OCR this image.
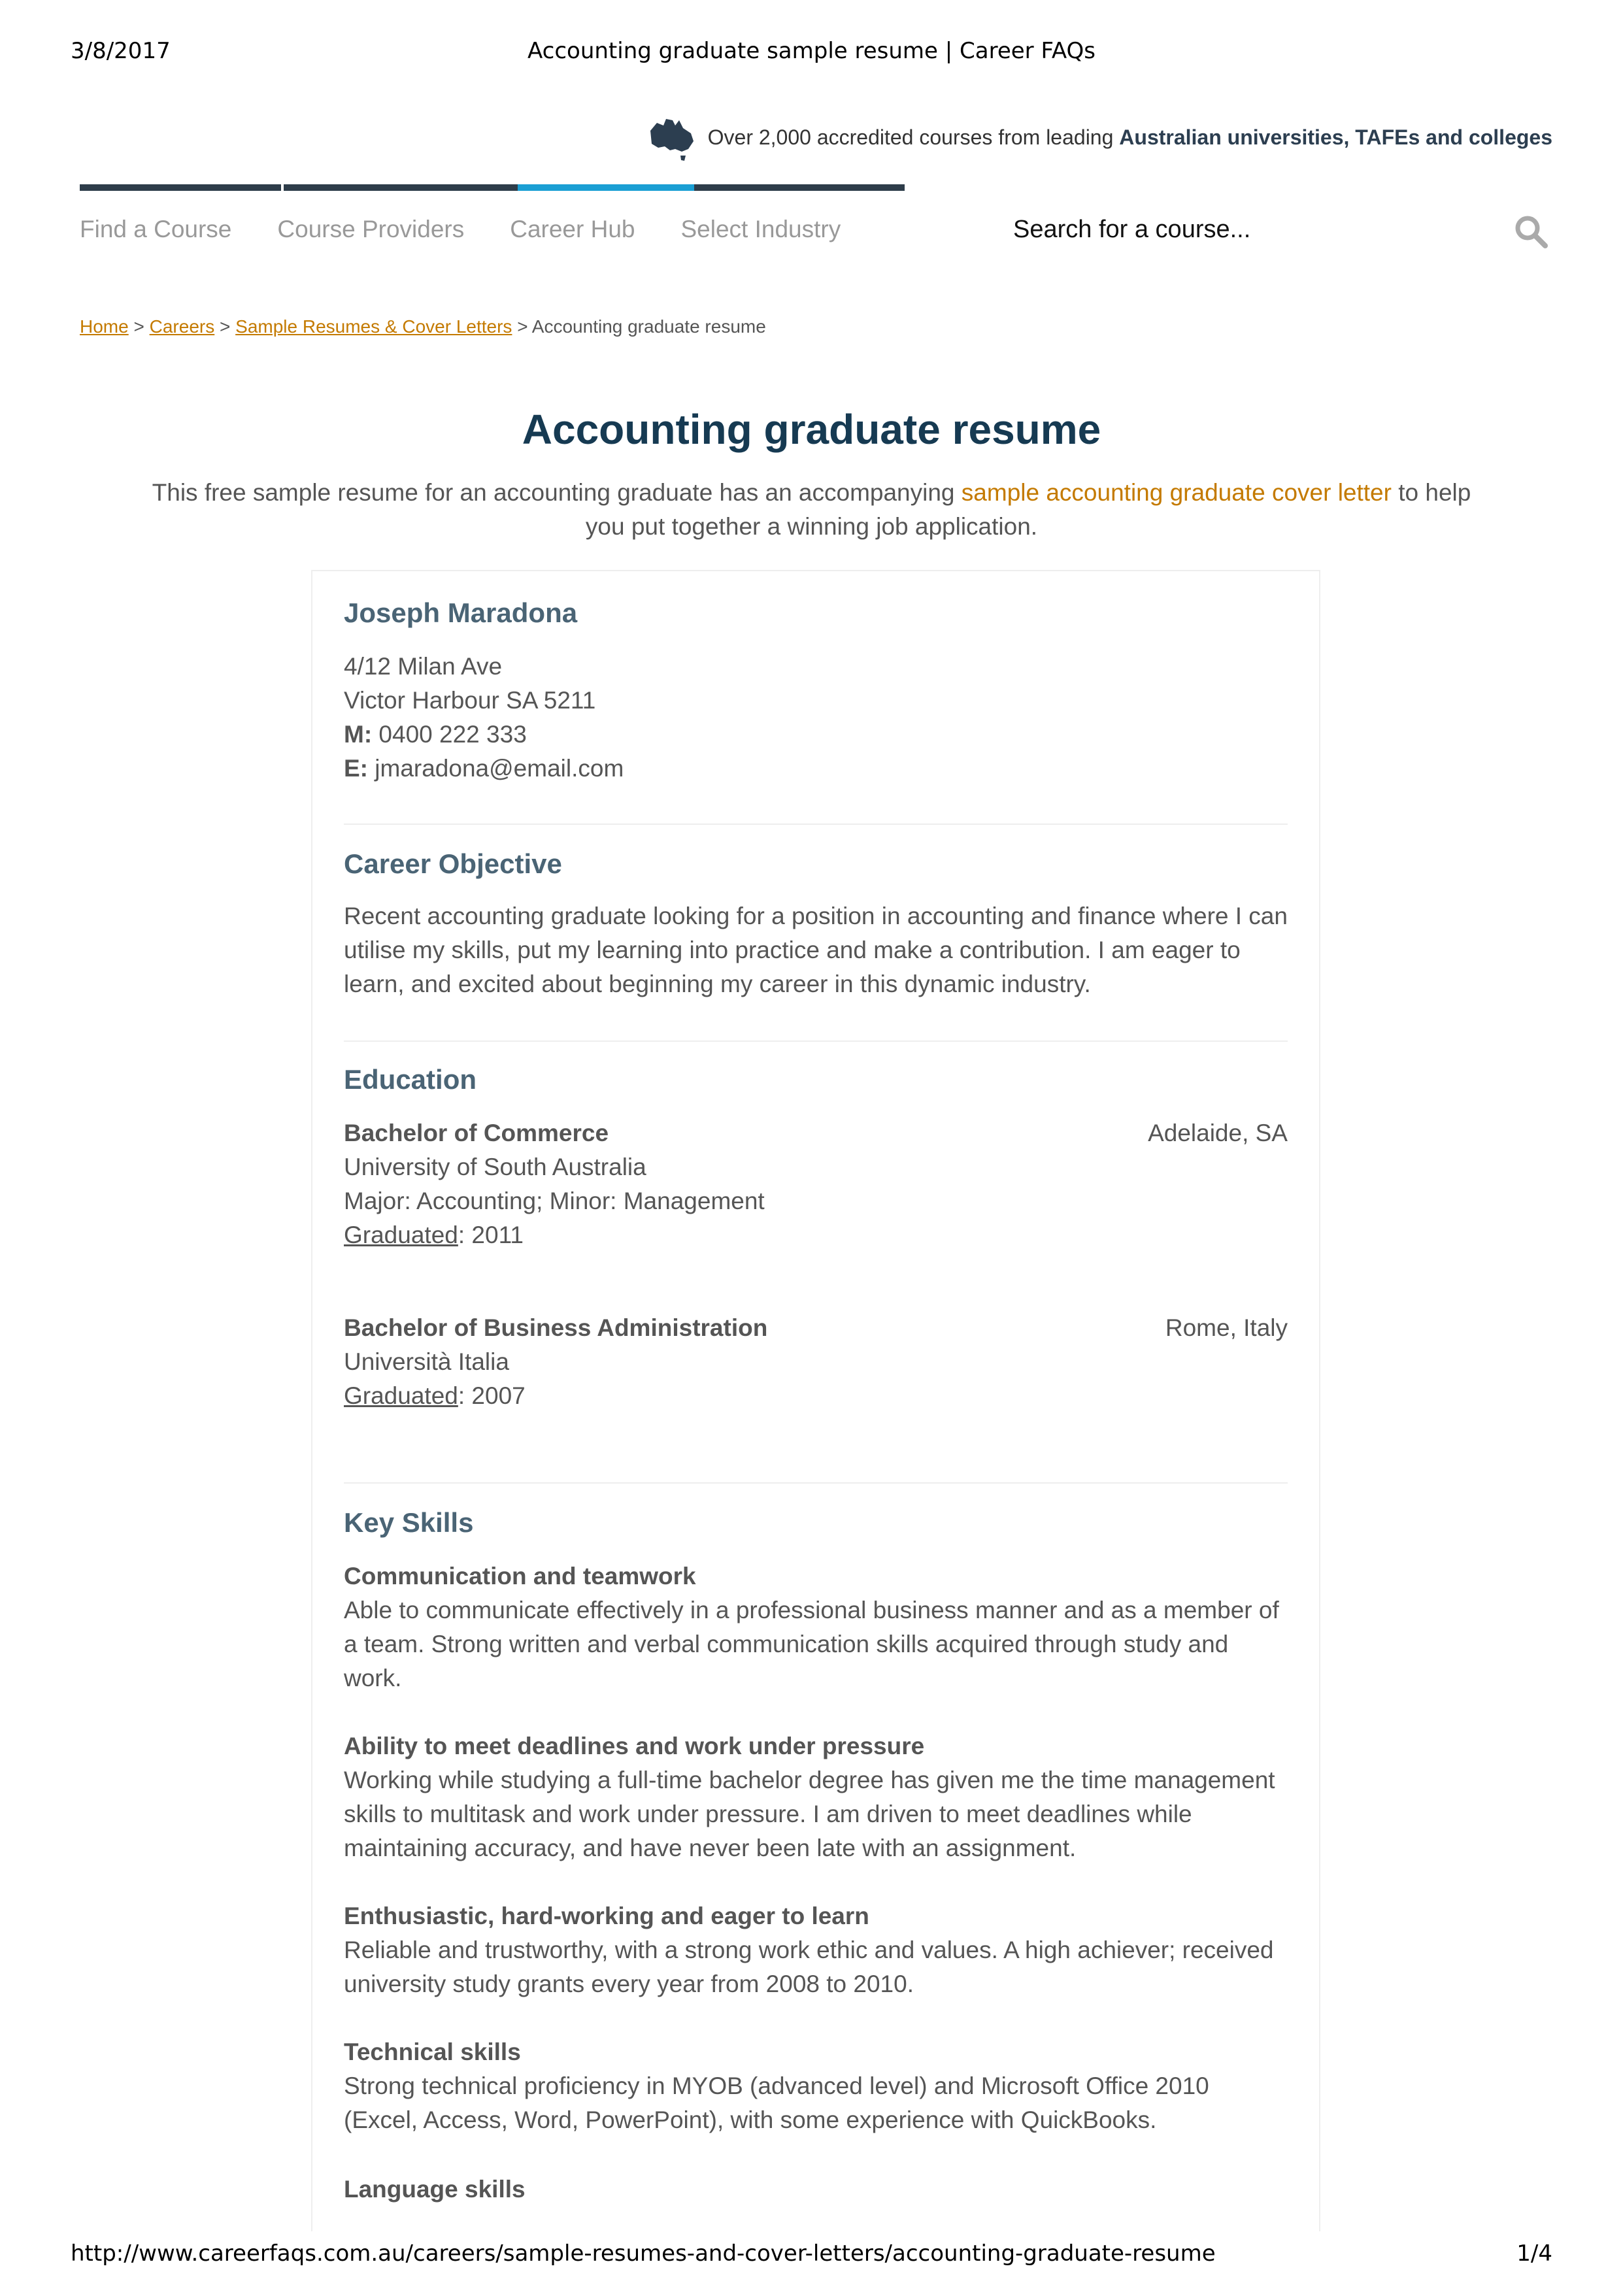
3/8/2017	Accounting graduate sample resume | Career FAQs
Over 2,000 accredited courses from leading Australian universities, TAFEs and colleges
Find a Course Course Providers Career Hub Select Industry	Search for a course...
Home > Careers > Sample Resumes & Cover Letters > Accounting graduate resume
Accounting graduate resume
This free sample resume for an accounting graduate has an accompanying sample accounting graduate cover letter to help you put together a winning job application.
Joseph Maradona
4/12 Milan Ave
Victor Harbour SA 5211
M: 0400 222 333
E: jmaradona@email.com
Career Objective
Recent accounting graduate looking for a position in accounting and finance where I can utilise my skills, put my learning into practice and make a contribution. I am eager to learn, and excited about beginning my career in this dynamic industry.
Education
Bachelor of Commerce	Adelaide, SA
University of South Australia
Major: Accounting; Minor: Management
Graduated: 2011
Bachelor of Business Administration	Rome, Italy
Università Italia
Graduated: 2007
Key Skills
Communication and teamwork
Able to communicate effectively in a professional business manner and as a member of a team. Strong written and verbal communication skills acquired through study and work.
Ability to meet deadlines and work under pressure
Working while studying a full-time bachelor degree has given me the time management skills to multitask and work under pressure. I am driven to meet deadlines while maintaining accuracy, and have never been late with an assignment.
Enthusiastic, hard-working and eager to learn
Reliable and trustworthy, with a strong work ethic and values. A high achiever; received university study grants every year from 2008 to 2010.
Technical skills
Strong technical proficiency in MYOB (advanced level) and Microsoft Office 2010 (Excel, Access, Word, PowerPoint), with some experience with QuickBooks.
Language skills
http://www.careerfaqs.com.au/careers/sample-resumes-and-cover-letters/accounting-graduate-resume	1/4
